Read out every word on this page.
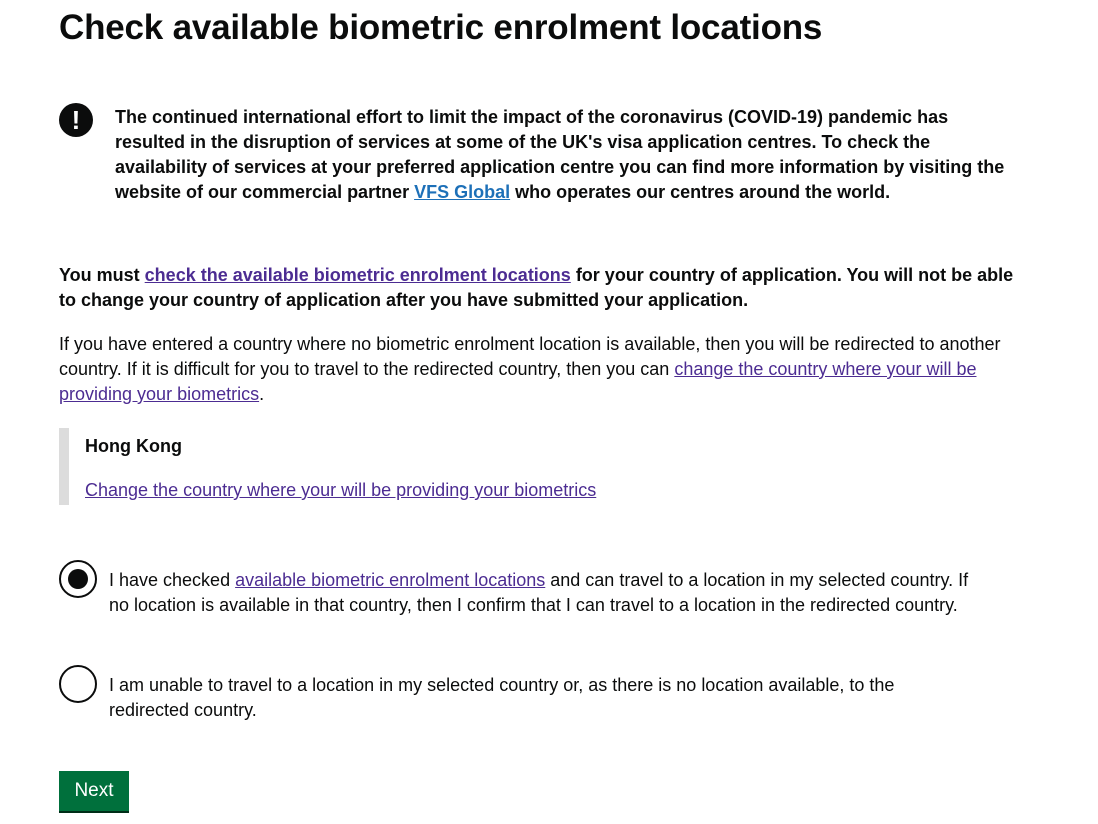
Check available biometric enrolment locations
!	The continued international effort to limit the impact of the coronavirus (COVID-19) pandemic has resulted in the disruption of services at some of the UK's visa application centres. To check the availability of services at your preferred application centre you can find more information by visiting the website of our commercial partner VFS Global who operates our centres around the world.

You must check the available biometric enrolment locations for your country of application. You will not be able to change your country of application after you have submitted your application.

If you have entered a country where no biometric enrolment location is available, then you will be redirected to another country. If it is difficult for you to travel to the redirected country, then you can change the country where your will be providing your biometrics.

Hong Kong

Change the country where your will be providing your biometrics

I have checked available biometric enrolment locations and can travel to a location in my selected country. If no location is available in that country, then I confirm that I can travel to a location in the redirected country.

I am unable to travel to a location in my selected country or, as there is no location available, to the redirected country.

Next
